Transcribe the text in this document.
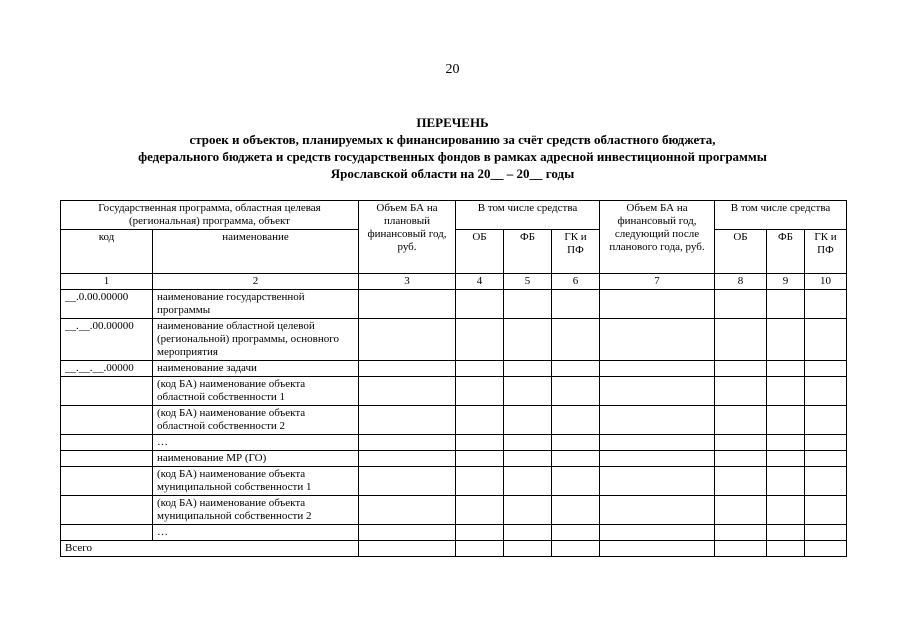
20
ПЕРЕЧЕНЬ
строек и объектов, планируемых к финансированию за счёт средств областного бюджета,
федерального бюджета и средств государственных фондов в рамках адресной инвестиционной программы
Ярославской области на 20__ – 20__ годы
Государственная программа, областная целевая (региональная) программа, объект		Объем БА на плановый финансовый год, руб.	В том числе средства			Объем БА на финансовый год, следующий после планового года, руб.	В том числе средства		
код	наименование		ОБ	ФБ	ГК и ПФ		ОБ	ФБ	ГК и ПФ
1	2	3	4	5	6	7	8	9	10
__.0.00.00000	наименование государственной программы								
__.__.00.00000	наименование областной целевой (региональной) программы, основного мероприятия								
__.__.__.00000	наименование задачи								
	(код БА) наименование объекта областной собственности 1								
	(код БА) наименование объекта областной собственности 2								
	…								
	наименование МР (ГО)								
	(код БА) наименование объекта муниципальной собственности 1								
	(код БА) наименование объекта муниципальной собственности 2								
	…								
Всего									
